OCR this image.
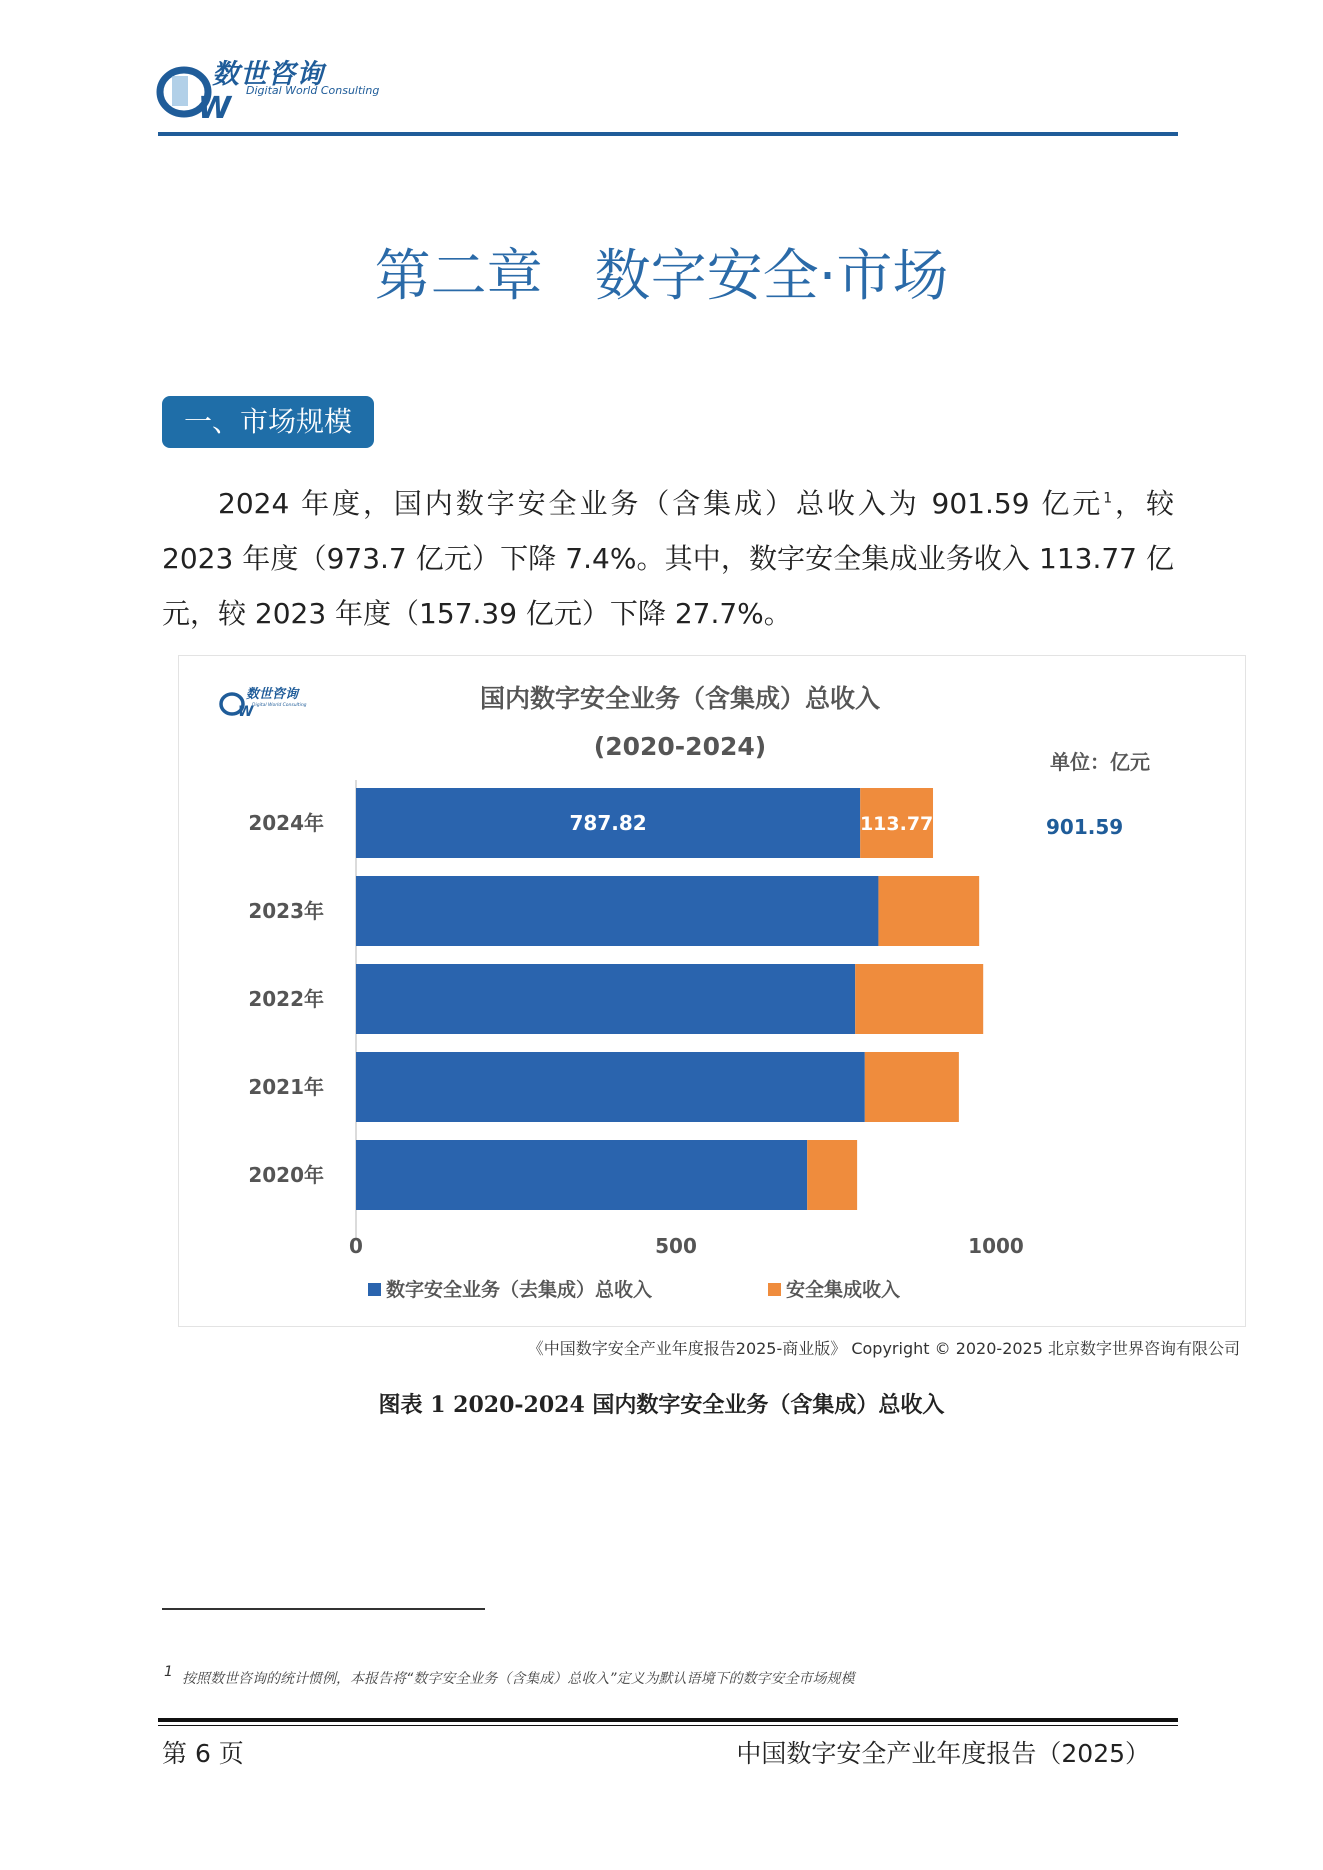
W
数世咨询
Digital World Consulting
第二章 数字安全·市场
一、市场规模
2024 年度，国内数字安全业务（含集成）总收入为 901.59 亿元$^1$，较 2023 年度（973.7 亿元）下降 7.4%。其中，数字安全集成业务收入 113.77 亿元，较 2023 年度（157.39 亿元）下降 27.7%。
W
数世咨询
Digital World Consulting	国内数字安全业务（含集成）总收入
(2020-2024)
单位：亿元
2024年	787.82	113.77	901.59
2023年
2022年
2021年
2020年
0	500	1000
数字安全业务（去集成）总收入	安全集成收入
《中国数字安全产业年度报告2025-商业版》 Copyright © 2020-2025 北京数字世界咨询有限公司
图表 1 2020-2024 国内数字安全业务（含集成）总收入
1 按照数世咨询的统计惯例，本报告将“数字安全业务（含集成）总收入”定义为默认语境下的数字安全市场规模
第 6 页	中国数字安全产业年度报告（2025）
